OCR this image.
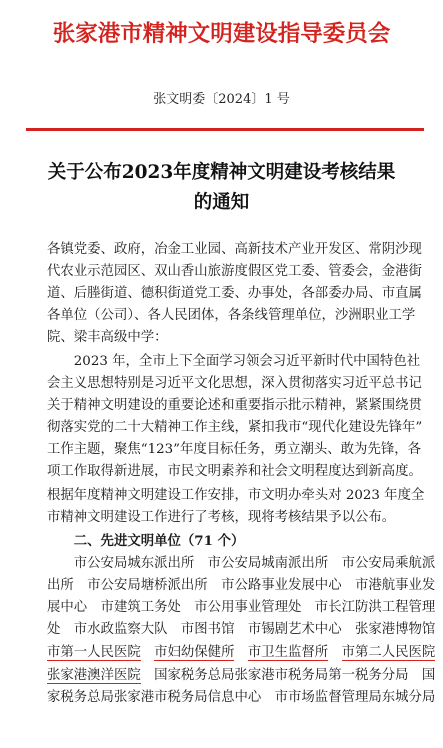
张家港市精神文明建设指导委员会
张文明委〔2024〕1 号
关于公布2023年度精神文明建设考核结果
的通知
各镇党委、政府，冶金工业园、高新技术产业开发区、常阴沙现
代农业示范园区、双山香山旅游度假区党工委、管委会，金港街
道、后塍街道、德积街道党工委、办事处，各部委办局、市直属
各单位（公司）、各人民团体，各条线管理单位，沙洲职业工学
院、梁丰高级中学：
　　2023 年，全市上下全面学习领会习近平新时代中国特色社
会主义思想特别是习近平文化思想，深入贯彻落实习近平总书记
关于精神文明建设的重要论述和重要指示批示精神，紧紧围绕贯
彻落实党的二十大精神工作主线，紧扣我市“现代化建设先锋年”
工作主题，聚焦“123”年度目标任务，勇立潮头、敢为先锋，各
项工作取得新进展，市民文明素养和社会文明程度达到新高度。
根据年度精神文明建设工作安排，市文明办牵头对 2023 年度全
市精神文明建设工作进行了考核，现将考核结果予以公布。
　　二、先进文明单位（71 个）
　　市公安局城东派出所　市公安局城南派出所　市公安局乘航派
出所　市公安局塘桥派出所　市公路事业发展中心　市港航事业发
展中心　市建筑工务处　市公用事业管理处　市长江防洪工程管理
处　市水政监察大队　市图书馆　市锡剧艺术中心　张家港博物馆
市第一人民医院　 市妇幼保健所　 市卫生监督所　 市第二人民医院
张家港澳洋医院　国家税务总局张家港市税务局第一税务分局　国
家税务总局张家港市税务局信息中心　市市场监督管理局东城分局
